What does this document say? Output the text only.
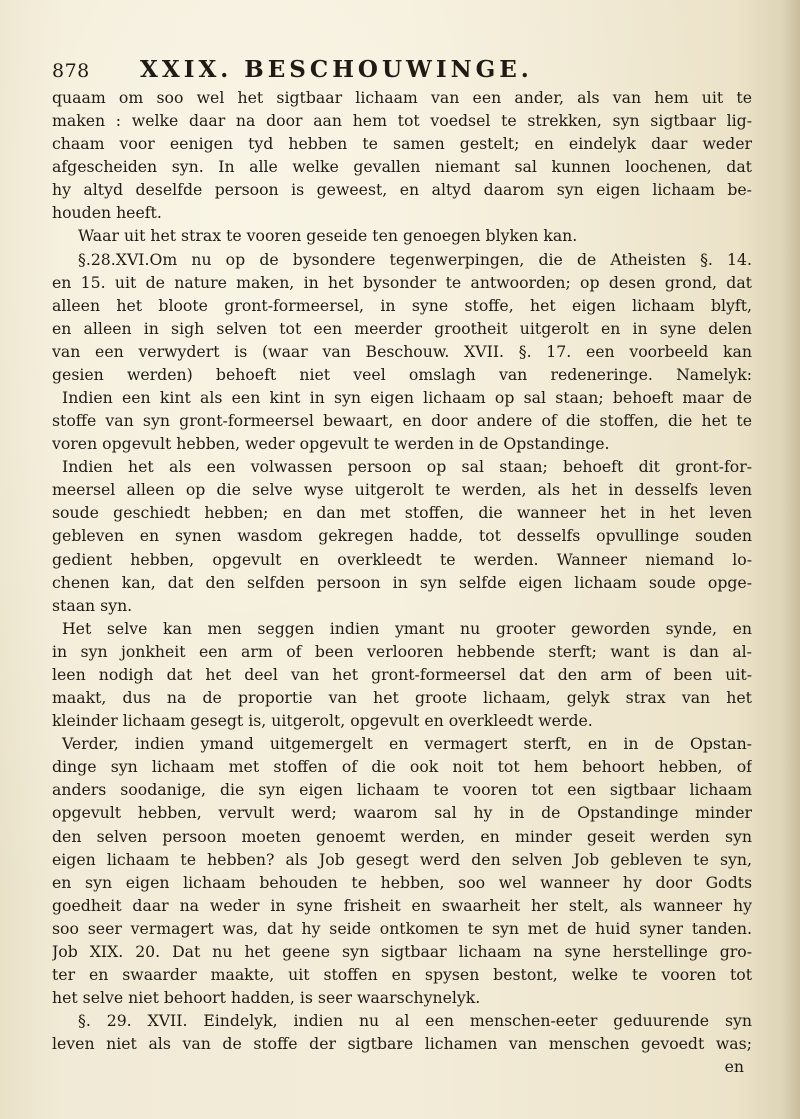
878 XXIX. BESCHOUWINGE.
quaam om soo wel het sigtbaar lichaam van een ander, als van hem uit te
maken : welke daar na door aan hem tot voedsel te strekken, syn sigtbaar lig-
chaam voor eenigen tyd hebben te samen gestelt; en eindelyk daar weder
afgescheiden syn. In alle welke gevallen niemant sal kunnen loochenen, dat
hy altyd deselfde persoon is geweest, en altyd daarom syn eigen lichaam be-
houden heeft.
Waar uit het strax te vooren geseide ten genoegen blyken kan.
§.28.XVI.Om nu op de bysondere tegenwerpingen, die de Atheisten §. 14.
en 15. uit de nature maken, in het bysonder te antwoorden; op desen grond, dat
alleen het bloote gront-formeersel, in syne stoffe, het eigen lichaam blyft,
en alleen in sigh selven tot een meerder grootheit uitgerolt en in syne delen
van een verwydert is (waar van Beschouw. XVII. §. 17. een voorbeeld kan
gesien werden) behoeft niet veel omslagh van redeneringe. Namelyk:
Indien een kint als een kint in syn eigen lichaam op sal staan; behoeft maar de
stoffe van syn gront-formeersel bewaart, en door andere of die stoffen, die het te
voren opgevult hebben, weder opgevult te werden in de Opstandinge.
Indien het als een volwassen persoon op sal staan; behoeft dit gront-for-
meersel alleen op die selve wyse uitgerolt te werden, als het in desselfs leven
soude geschiedt hebben; en dan met stoffen, die wanneer het in het leven
gebleven en synen wasdom gekregen hadde, tot desselfs opvullinge souden
gedient hebben, opgevult en overkleedt te werden. Wanneer niemand lo-
chenen kan, dat den selfden persoon in syn selfde eigen lichaam soude opge-
staan syn.
Het selve kan men seggen indien ymant nu grooter geworden synde, en
in syn jonkheit een arm of been verlooren hebbende sterft; want is dan al-
leen nodigh dat het deel van het gront-formeersel dat den arm of been uit-
maakt, dus na de proportie van het groote lichaam, gelyk strax van het
kleinder lichaam gesegt is, uitgerolt, opgevult en overkleedt werde.
Verder, indien ymand uitgemergelt en vermagert sterft, en in de Opstan-
dinge syn lichaam met stoffen of die ook noit tot hem behoort hebben, of
anders soodanige, die syn eigen lichaam te vooren tot een sigtbaar lichaam
opgevult hebben, vervult werd; waarom sal hy in de Opstandinge minder
den selven persoon moeten genoemt werden, en minder geseit werden syn
eigen lichaam te hebben? als Job gesegt werd den selven Job gebleven te syn,
en syn eigen lichaam behouden te hebben, soo wel wanneer hy door Godts
goedheit daar na weder in syne frisheit en swaarheit her stelt, als wanneer hy
soo seer vermagert was, dat hy seide ontkomen te syn met de huid syner tanden.
Job XIX. 20. Dat nu het geene syn sigtbaar lichaam na syne herstellinge gro-
ter en swaarder maakte, uit stoffen en spysen bestont, welke te vooren tot
het selve niet behoort hadden, is seer waarschynelyk.
§. 29. XVII. Eindelyk, indien nu al een menschen-eeter geduurende syn
leven niet als van de stoffe der sigtbare lichamen van menschen gevoedt was;
en
